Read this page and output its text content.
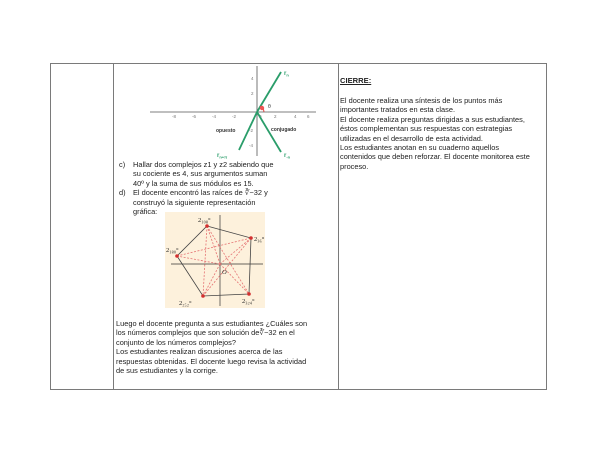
-8	-6	-4	-2	2	4 6
4
2
-2
-4
θ
$r_n$
$r_{-n}$
$r_{n+\pi}$
opuesto	conjugado
c)	Hallar dos complejos z1 y z2 sabiendo que su cociente es 4, sus argumentos suman 40º y la suma de sus módulos es 15.
d)	El docente encontró las raíces de ∛−32 y construyó la siguiente representación gráfica:
2₁₀₈°
2₃₆°
2₁₈₀°
2₂₅₂°	2₃₂₄°
O
Luego el docente pregunta a sus estudiantes ¿Cuáles son los números complejos que son solución de∛−32 en el conjunto de los números complejos?
Los estudiantes realizan discusiones acerca de las respuestas obtenidas. El docente luego revisa la actividad de sus estudiantes y la corrige.
CIERRE:
El docente realiza una síntesis de los puntos más importantes tratados en esta clase.
El docente realiza preguntas dirigidas a sus estudiantes, éstos complementan sus respuestas con estrategias utilizadas en el desarrollo de esta actividad.
Los estudiantes anotan en su cuaderno aquellos contenidos que deben reforzar. El docente monitorea este proceso.
